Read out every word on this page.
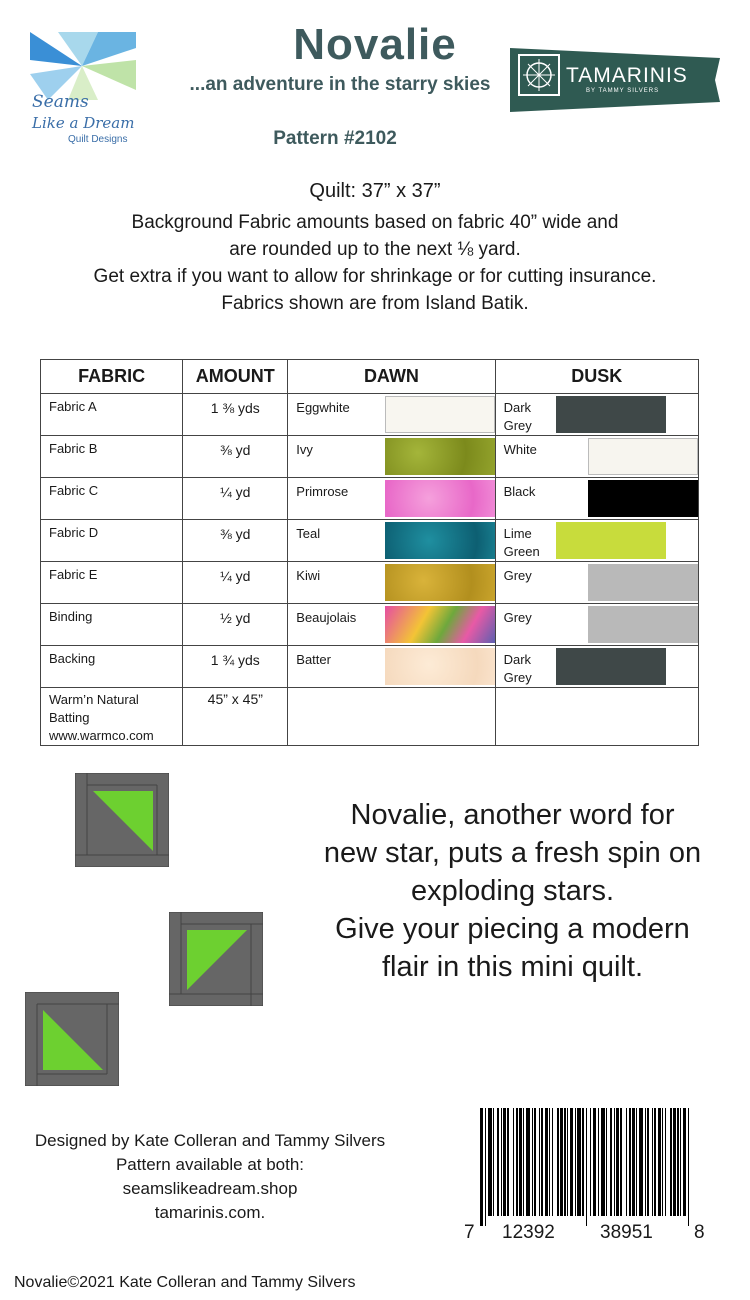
Seams
Like a Dream
Quilt Designs
Novalie
...an adventure in the starry skies
Pattern #2102
TAMARINIS
BY TAMMY SILVERS
Quilt: 37” x 37”
Background Fabric amounts based on fabric 40” wide and
are rounded up to the next ⅛ yard.
Get extra if you want to allow for shrinkage or for cutting insurance.
Fabrics shown are from Island Batik.
FABRIC	AMOUNT	DAWN	DUSK
Fabric A	1 ⅜ yds	Eggwhite	Dark Grey

Fabric B	⅜ yd	Ivy	White

Fabric C	¼ yd	Primrose	Black

Fabric D	⅜ yd	Teal	Lime Green

Fabric E	¼ yd	Kiwi	Grey

Binding	½ yd	Beaujolais	Grey

Backing	1 ¾ yds	Batter	Dark Grey

Warm’n Natural Batting www.warmco.com	45” x 45”		
Novalie, another word for
new star, puts a fresh spin on
exploding stars.
Give your piecing a modern
flair in this mini quilt.
Designed by Kate Colleran and Tammy Silvers
Pattern available at both:
seamslikeadream.shop
tamarinis.com.
7 12392 38951 8
Novalie©2021 Kate Colleran and Tammy Silvers
